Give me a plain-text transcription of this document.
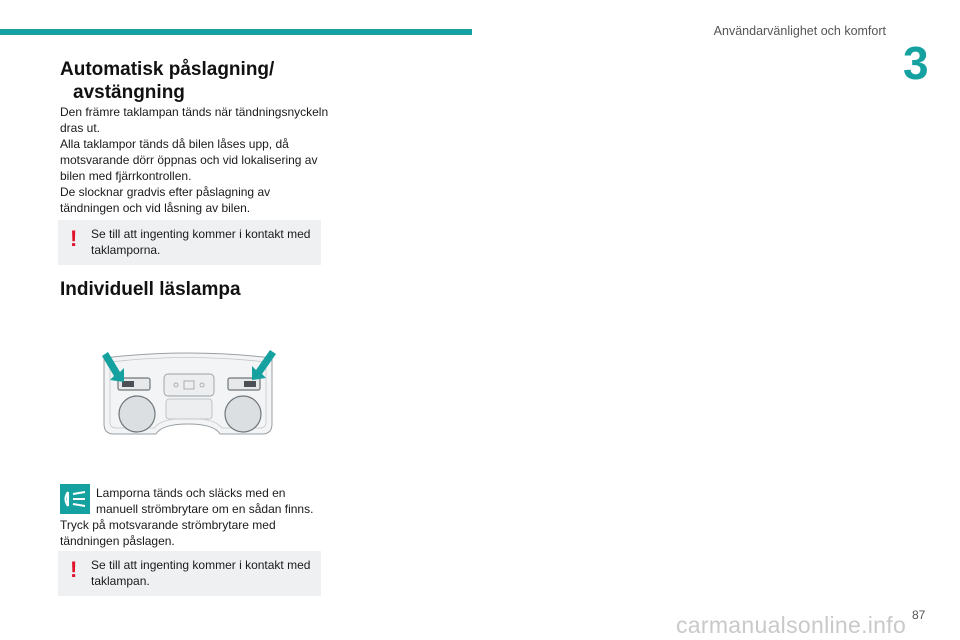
Användarvänlighet och komfort
3
Automatisk påslagning/
avstängning
Den främre taklampan tänds när tändningsnyckeln dras ut.
Alla taklampor tänds då bilen låses upp, då motsvarande dörr öppnas och vid lokalisering av bilen med fjärrkontrollen.
De slocknar gradvis efter påslagning av tändningen och vid låsning av bilen.
! Se till att ingenting kommer i kontakt med taklamporna.
Individuell läslampa
Lamporna tänds och släcks med en manuell strömbrytare om en sådan finns.
Tryck på motsvarande strömbrytare med tändningen påslagen.
! Se till att ingenting kommer i kontakt med taklampan.
carmanualsonline.info 87
